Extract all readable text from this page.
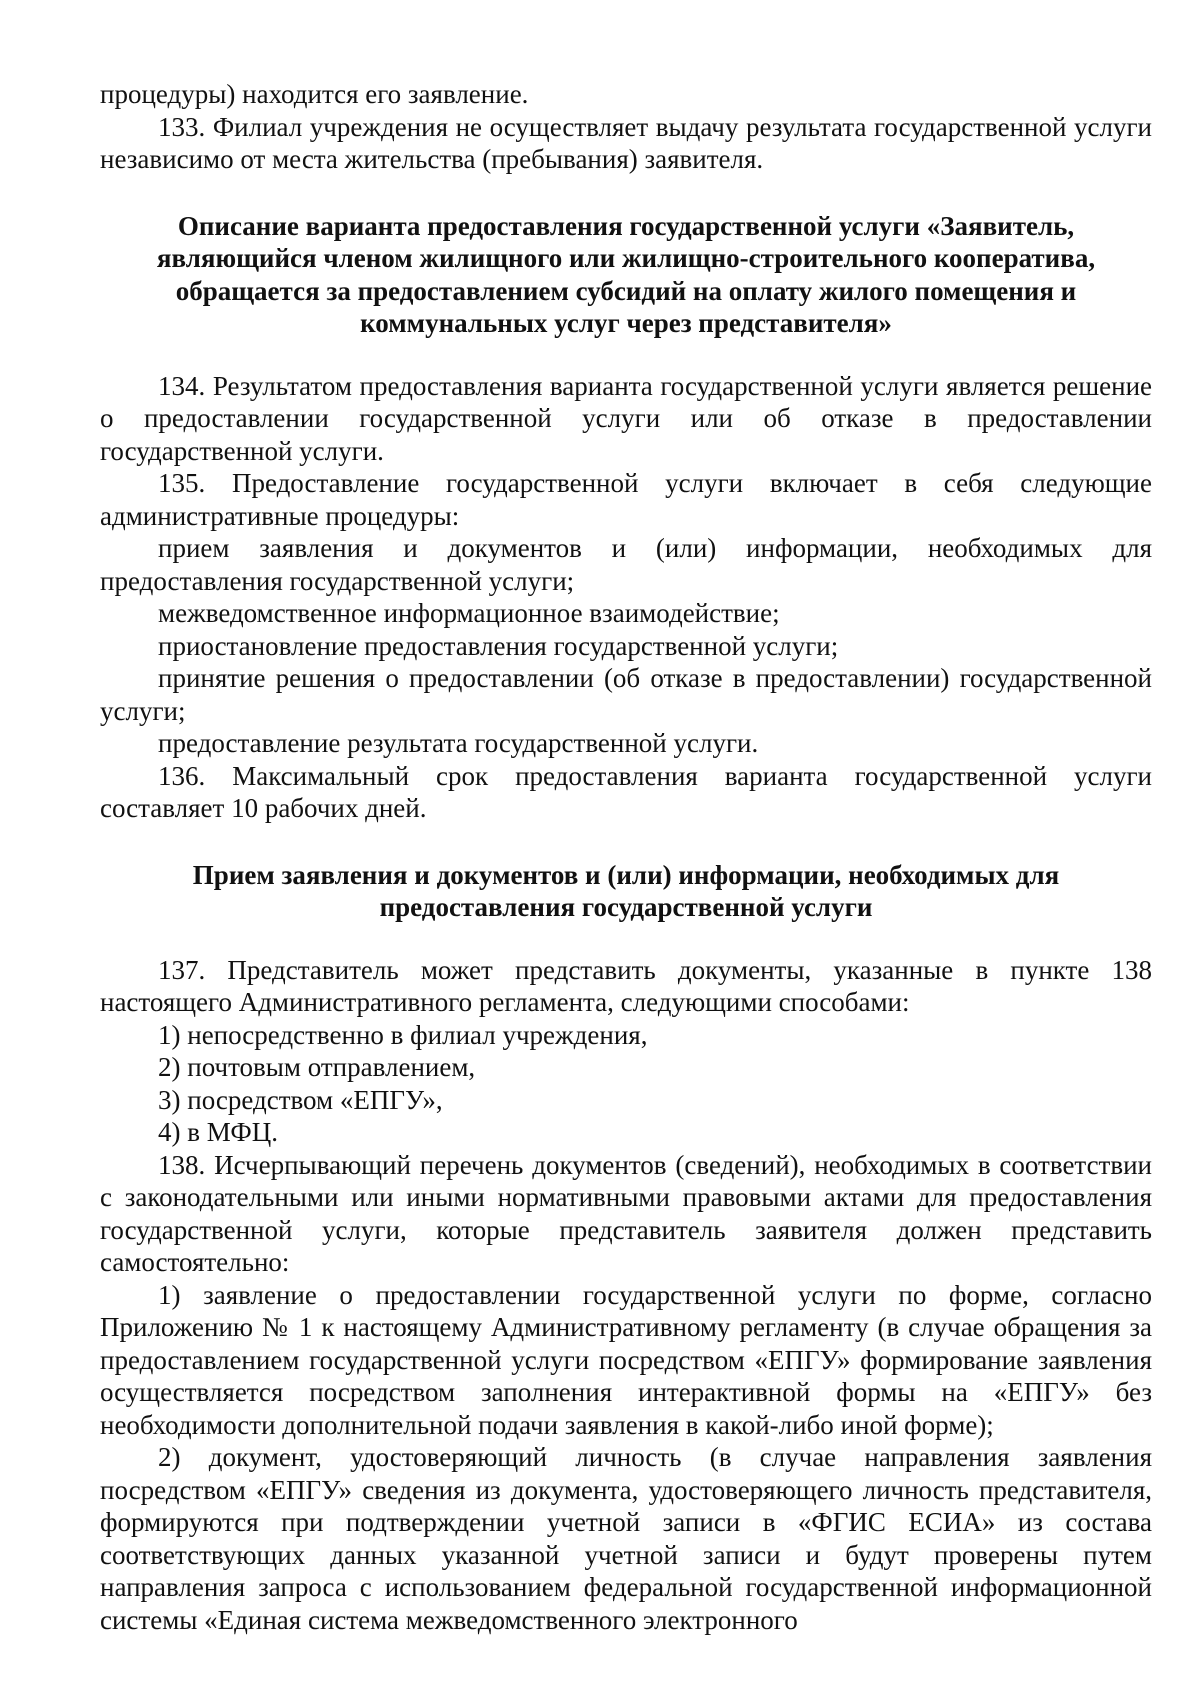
процедуры) находится его заявление.

133. Филиал учреждения не осуществляет выдачу результата государственной услуги независимо от места жительства (пребывания) заявителя.

Описание варианта предоставления государственной услуги «Заявитель, являющийся членом жилищного или жилищно-строительного кооператива, обращается за предоставлением субсидий на оплату жилого помещения и коммунальных услуг через представителя»

134. Результатом предоставления варианта государственной услуги является решение о предоставлении государственной услуги или об отказе в предоставлении государственной услуги.

135. Предоставление государственной услуги включает в себя следующие административные процедуры:

прием заявления и документов и (или) информации, необходимых для предоставления государственной услуги;

межведомственное информационное взаимодействие;

приостановление предоставления государственной услуги;

принятие решения о предоставлении (об отказе в предоставлении) государственной услуги;

предоставление результата государственной услуги.

136. Максимальный срок предоставления варианта государственной услуги составляет 10 рабочих дней.

Прием заявления и документов и (или) информации, необходимых для предоставления государственной услуги

137. Представитель может представить документы, указанные в пункте 138 настоящего Административного регламента, следующими способами:

1) непосредственно в филиал учреждения,

2) почтовым отправлением,

3) посредством «ЕПГУ»,

4) в МФЦ.

138. Исчерпывающий перечень документов (сведений), необходимых в соответствии с законодательными или иными нормативными правовыми актами для предоставления государственной услуги, которые представитель заявителя должен представить самостоятельно:

1) заявление о предоставлении государственной услуги по форме, согласно Приложению № 1 к настоящему Административному регламенту (в случае обращения за предоставлением государственной услуги посредством «ЕПГУ» формирование заявления осуществляется посредством заполнения интерактивной формы на «ЕПГУ» без необходимости дополнительной подачи заявления в какой-либо иной форме);

2) документ, удостоверяющий личность (в случае направления заявления посредством «ЕПГУ» сведения из документа, удостоверяющего личность представителя, формируются при подтверждении учетной записи в «ФГИС ЕСИА» из состава соответствующих данных указанной учетной записи и будут проверены путем направления запроса с использованием федеральной государственной информационной системы «Единая система межведомственного электронного
